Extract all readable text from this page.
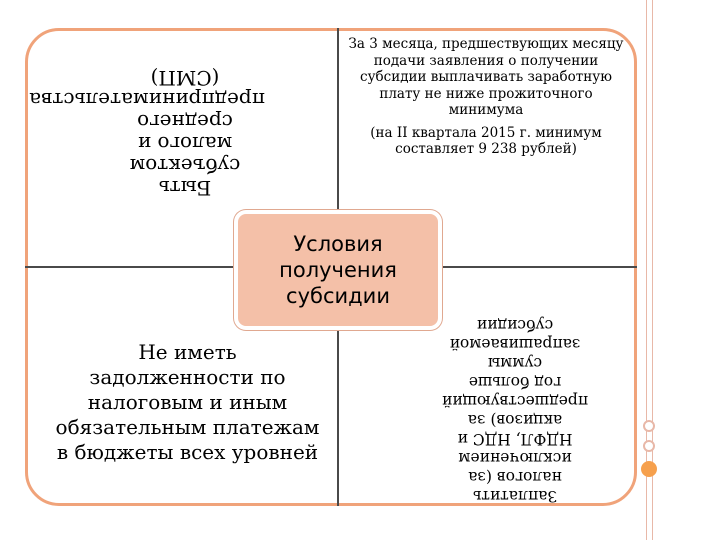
Быть субъектом малого и среднего предпринимательства (СМП)

За 3 месяца, предшествующих месяцу подачи заявления о получении субсидии выплачивать заработную плату не ниже прожиточного минимума

(на II квартала 2015 г. минимум составляет 9 238 рублей)

Не иметь задолженности по налоговым и иным обязательным платежам в бюджеты всех уровней
Заплатить налогов (за исключением НДФЛ, НДС и акцизов) за предшествующий год больше суммы запрашиваемой субсидии
Условия получения субсидии
